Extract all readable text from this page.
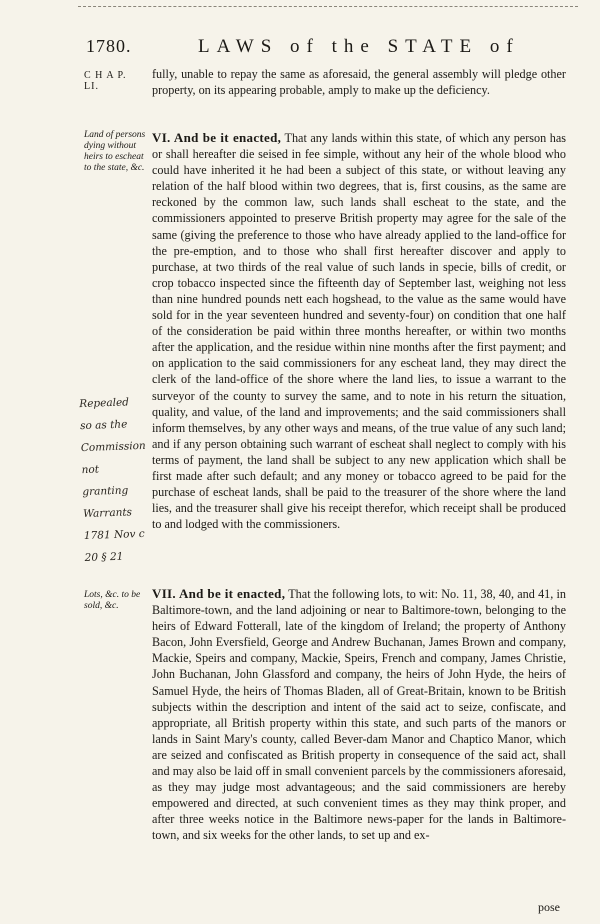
1780.	LAWS of the STATE of
C H A P.
LI.
Land of persons dying without heirs to escheat to the state, &c.
Repealed so as the Commission not granting Warrants 1781 Nov c 20 § 21
Lots, &c. to be sold, &c.
fully, unable to repay the same as aforesaid, the general assembly will pledge other property, on its appearing probable, amply to make up the deficiency.
VI. And be it enacted, That any lands within this state, of which any person has or shall hereafter die seised in fee simple, without any heir of the whole blood who could have inherited it he had been a subject of this state, or without leaving any relation of the half blood within two degrees, that is, first cousins, as the same are reckoned by the common law, such lands shall escheat to the state, and the commissioners appointed to preserve British property may agree for the sale of the same (giving the preference to those who have already applied to the land-office for the pre-emption, and to those who shall first hereafter discover and apply to purchase, at two thirds of the real value of such lands in specie, bills of credit, or crop tobacco inspected since the fifteenth day of September last, weighing not less than nine hundred pounds nett each hogshead, to the value as the same would have sold for in the year seventeen hundred and seventy-four) on condition that one half of the consideration be paid within three months hereafter, or within two months after the application, and the residue within nine months after the first payment; and on application to the said commissioners for any escheat land, they may direct the clerk of the land-office of the shore where the land lies, to issue a warrant to the surveyor of the county to survey the same, and to note in his return the situation, quality, and value, of the land and improvements; and the said commissioners shall inform themselves, by any other ways and means, of the true value of any such land; and if any person obtaining such warrant of escheat shall neglect to comply with his terms of payment, the land shall be subject to any new application which shall be first made after such default; and any money or tobacco agreed to be paid for the purchase of escheat lands, shall be paid to the treasurer of the shore where the land lies, and the treasurer shall give his receipt therefor, which receipt shall be produced to and lodged with the commissioners.
VII. And be it enacted, That the following lots, to wit: No. 11, 38, 40, and 41, in Baltimore-town, and the land adjoining or near to Baltimore-town, belonging to the heirs of Edward Fotterall, late of the kingdom of Ireland; the property of Anthony Bacon, John Eversfield, George and Andrew Buchanan, James Brown and company, Mackie, Speirs and company, Mackie, Speirs, French and company, James Christie, John Buchanan, John Glassford and company, the heirs of John Hyde, the heirs of Samuel Hyde, the heirs of Thomas Bladen, all of Great-Britain, known to be British subjects within the description and intent of the said act to seize, confiscate, and appropriate, all British property within this state, and such parts of the manors or lands in Saint Mary's county, called Bever-dam Manor and Chaptico Manor, which are seized and confiscated as British property in consequence of the said act, shall and may also be laid off in small convenient parcels by the commissioners aforesaid, as they may judge most advantageous; and the said commissioners are hereby empowered and directed, at such convenient times as they may think proper, and after three weeks notice in the Baltimore news-paper for the lands in Baltimore-town, and six weeks for the other lands, to set up and ex-
pose
